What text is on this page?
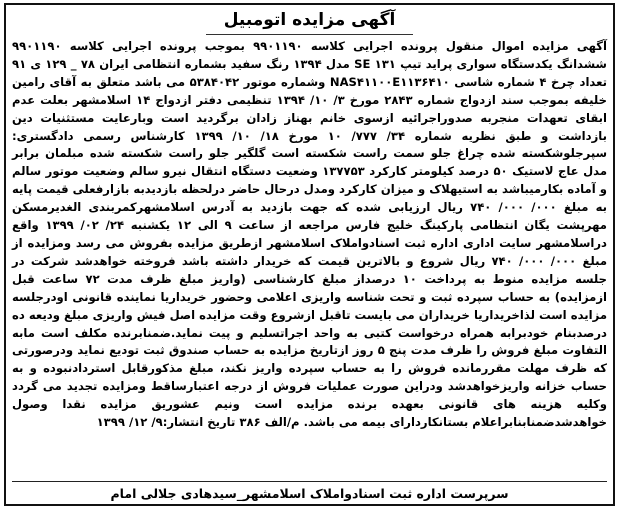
آگهی مزایده اتومبیل

آگهی مزایده اموال منقول پرونده اجرایی کلاسه ۹۹۰۱۱۹۰ بموجب پرونده اجرایی کلاسه ۹۹۰۱۱۹۰ ششدانگ یکدستگاه سواری پراید تیپ SE ۱۳۱ مدل ۱۳۹۴ رنگ سفید بشماره انتظامی ایران ۷۸ _ ۱۲۹ ی ۹۱ تعداد چرخ ۴ شماره شاسی NAS۴۱۱۰۰E۱۱۳۶۴۱۰ وشماره موتور ۵۳۸۴۰۴۲ می باشد متعلق به آقای رامین خلیفه بموجب سند ازدواج شماره ۲۸۴۳ مورخ ۳/ ۱۰/ ۱۳۹۴ تنظیمی دفتر ازدواج ۱۴ اسلامشهر بعلت عدم ابقای تعهدات منجربه صدوراجرائیه ازسوی خانم بهناز زادان برگردید است وبارعایت مستثنیات دین بازداشت و طبق نظریه شماره ۳۴/ ۷۷۷/ ۱۰ مورخ ۱۸/ ۱۰/ ۱۳۹۹ کارشناس رسمی دادگستری: سپرجلوشکسته شده چراغ جلو سمت راست شکسته است گلگیر جلو راست شکسته شده مبلمان برابر مدل عاج لاستیک ۵۰ درصد کیلومتر کارکرد ۱۳۷۷۵۳ وضعیت دستگاه انتقال نیرو سالم وضعیت موتور سالم و آماده بکارمیباشد به استیهلاک و میزان کارکرد ومدل درحال حاضر درلحظه بازدیدبه بازارفعلی قیمت پایه به مبلغ ۰۰۰/ ۰۰۰/ ۷۴۰ ریال ارزیابی شده که جهت بازدید به آدرس اسلامشهرکمربندی الغدیرمسکن مهرپشت یگان انتظامی پارکینگ خلیج فارس مراجعه از ساعت ۹ الی ۱۲ یکشنبه ۲۴/ ۰۲/ ۱۳۹۹ واقع دراسلامشهر سایت اداری اداره ثبت اسنادواملاک اسلامشهر ازطریق مزایده بفروش می رسد ومزایده از مبلغ ۰۰۰/ ۰۰۰/ ۷۴۰ ریال شروع و بالاترین قیمت که خریدار داشته باشد فروخته خواهدشد شرکت در جلسه مزایده منوط به پرداخت ۱۰ درصداز مبلغ کارشناسی (واریز مبلغ ظرف مدت ۷۲ ساعت قبل ازمزایده) به حساب سپرده ثبت و تحت شناسه واریزی اعلامی وحضور خریداریا نماینده قانونی اودرجلسه مزایده است لذاخریداریا خریداران می بایست تاقبل ازشروع وقت مزایده اصل فیش واریزی مبلغ ودیعه ده درصدبنام خودبرابه همراه درخواست کتبی به واحد اجراتسلیم و پیت نماید.ضمنابرنده مکلف است مابه التفاوت مبلغ فروش را ظرف مدت پنج ۵ روز ازتاریخ مزایده به حساب صندوق ثبت تودیع نماید ودرصورتی که ظرف مهلت مقررمانده فروش را به حساب سپرده واریز نکند، مبلغ مذکورقابل استردادنبوده و به حساب خزانه واریزخواهدشد ودراین صورت عملیات فروش از درجه اعتبارساقط ومزایده تجدید می گردد وکلیه هزینه های قانونی بعهده برنده مزایده است ونیم عشوریق مزایده نقدا وصول خواهدشدضمنابنابراعلام بستانکاردارای بیمه می باشد. م/الف ۳۸۶ تاریخ انتشار:۹/ ۱۲/ ۱۳۹۹

سرپرست اداره ثبت اسنادواملاک اسلامشهر_سیدهادی جلالی امام
